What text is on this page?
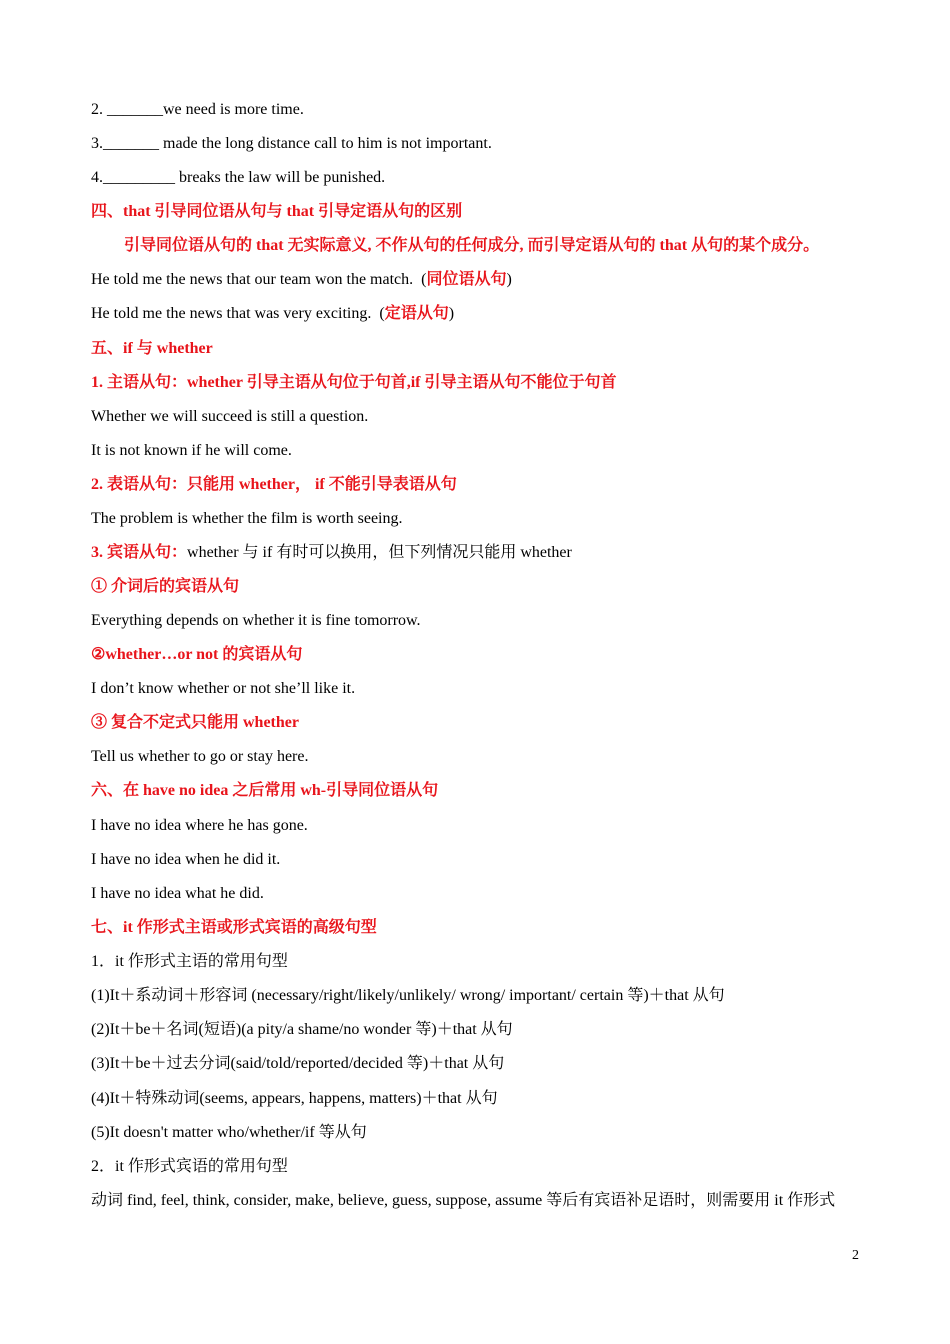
2. _______we need is more time.
3._______ made the long distance call to him is not important.
4._________ breaks the law will be punished.
四、that 引导同位语从句与 that 引导定语从句的区别
引导同位语从句的 that 无实际意义, 不作从句的任何成分, 而引导定语从句的 that 从句的某个成分。
He told me the news that our team won the match.  (同位语从句)
He told me the news that was very exciting.  (定语从句)
五、if 与 whether
1. 主语从句：whether 引导主语从句位于句首,if 引导主语从句不能位于句首
Whether we will succeed is still a question.
It is not known if he will come.
2. 表语从句：只能用 whether， if 不能引导表语从句
The problem is whether the film is worth seeing.
3. 宾语从句：whether 与 if 有时可以换用，但下列情况只能用 whether
① 介词后的宾语从句
Everything depends on whether it is fine tomorrow.
②whether…or not 的宾语从句
I don’t know whether or not she’ll like it.
③ 复合不定式只能用 whether
Tell us whether to go or stay here.
六、在 have no idea 之后常用 wh-引导同位语从句
I have no idea where he has gone.
I have no idea when he did it.
I have no idea what he did.
七、it 作形式主语或形式宾语的高级句型
1．it 作形式主语的常用句型
(1)It＋系动词＋形容词 (necessary/right/likely/unlikely/ wrong/ important/ certain 等)＋that 从句
(2)It＋be＋名词(短语)(a pity/a shame/no wonder 等)＋that 从句
(3)It＋be＋过去分词(said/told/reported/decided 等)＋that 从句
(4)It＋特殊动词(seems, appears, happens, matters)＋that 从句
(5)It doesn't matter who/whether/if 等从句
2．it 作形式宾语的常用句型
动词 find, feel, think, consider, make, believe, guess, suppose, assume 等后有宾语补足语时，则需要用 it 作形式
2
